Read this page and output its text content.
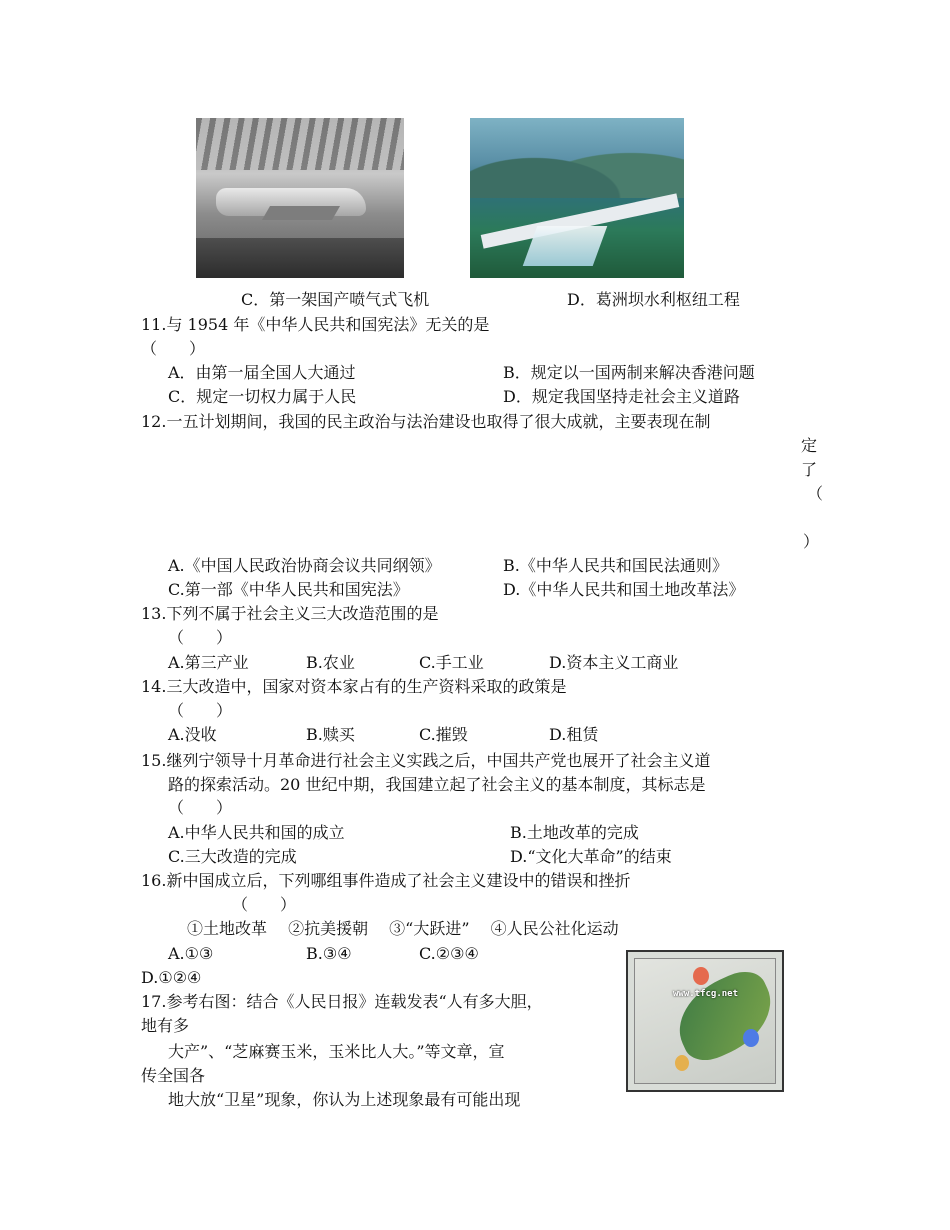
C．第一架国产喷气式飞机	D．葛洲坝水利枢纽工程
11.与 1954 年《中华人民共和国宪法》无关的是
（　　）
A．由第一届全国人大通过	B．规定以一国两制来解决香港问题
C．规定一切权力属于人民	D．规定我国坚持走社会主义道路
12.一五计划期间，我国的民主政治与法治建设也取得了很大成就，主要表现在制
定
了
（
）
A.《中国人民政治协商会议共同纲领》	B.《中华人民共和国民法通则》
C.第一部《中华人民共和国宪法》	D.《中华人民共和国土地改革法》
13.下列不属于社会主义三大改造范围的是
（　　）
A.第三产业	B.农业	C.手工业	D.资本主义工商业
14.三大改造中，国家对资本家占有的生产资料采取的政策是
（　　）
A.没收	B.赎买	C.摧毁	D.租赁
15.继列宁领导十月革命进行社会主义实践之后，中国共产党也展开了社会主义道
路的探索活动。20 世纪中期，我国建立起了社会主义的基本制度，其标志是
（　　）
A.中华人民共和国的成立	B.土地改革的完成
C.三大改造的完成	D.“文化大革命”的结束
16.新中国成立后，下列哪组事件造成了社会主义建设中的错误和挫折
（　　）
①土地改革　 ②抗美援朝　 ③“大跃进”　 ④人民公社化运动
A.①③	B.③④	C.②③④
D.①②④
17.参考右图：结合《人民日报》连载发表“人有多大胆，
地有多
大产”、“芝麻赛玉米，玉米比人大。”等文章，宣
传全国各
地大放“卫星”现象，你认为上述现象最有可能出现
www.tfcg.net
